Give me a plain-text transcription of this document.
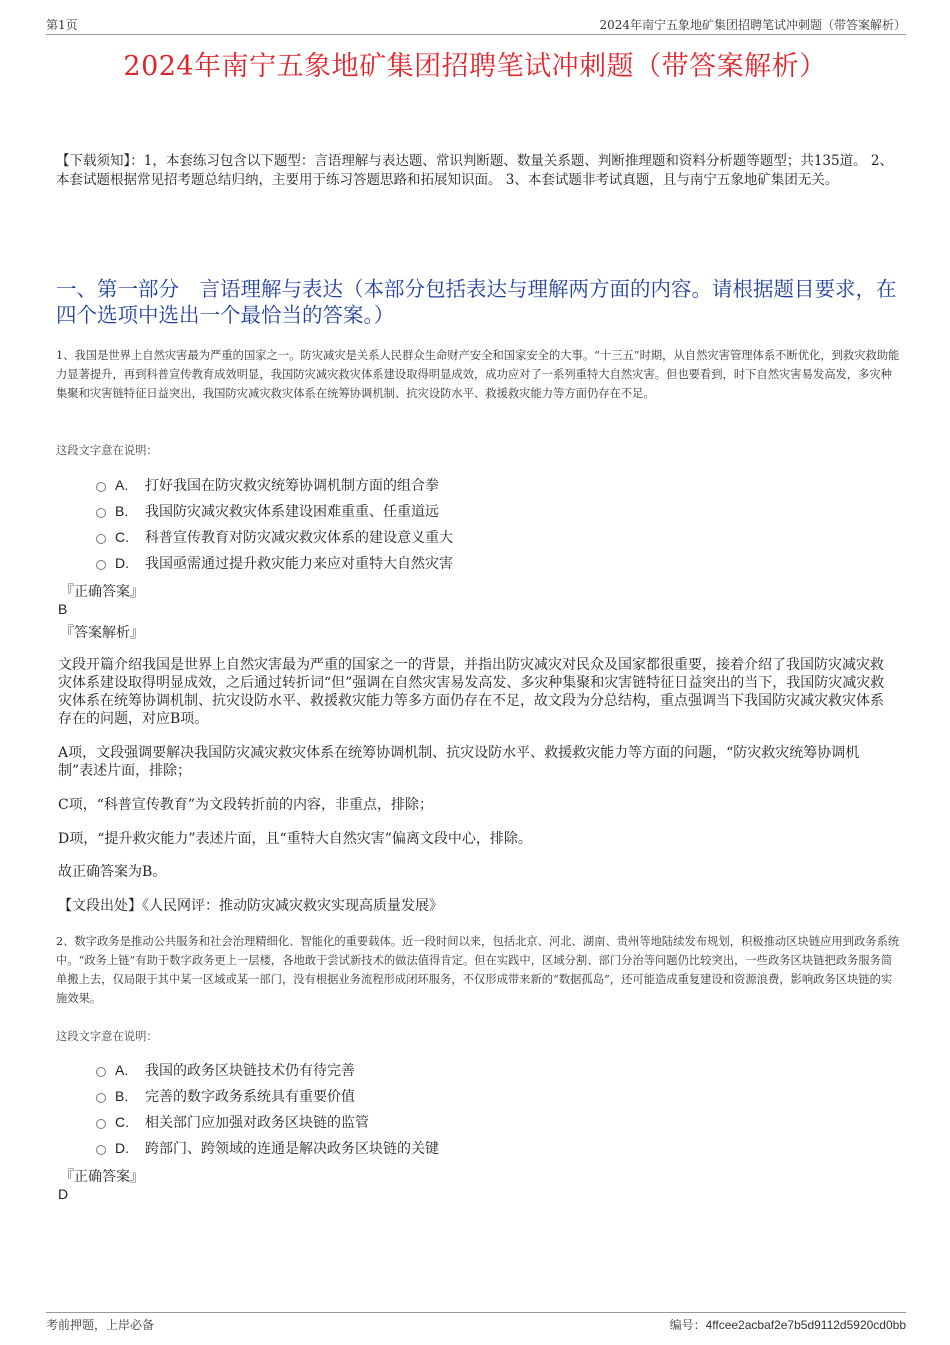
第1页	2024年南宁五象地矿集团招聘笔试冲刺题（带答案解析）
2024年南宁五象地矿集团招聘笔试冲刺题（带答案解析）
【下载须知】：1，本套练习包含以下题型：言语理解与表达题、常识判断题、数量关系题、判断推理题和资料分析题等题型；共135道。 2、本套试题根据常见招考题总结归纳，主要用于练习答题思路和拓展知识面。 3、本套试题非考试真题，且与南宁五象地矿集团无关。
一、第一部分　言语理解与表达（本部分包括表达与理解两方面的内容。请根据题目要求，在四个选项中选出一个最恰当的答案。）
1、我国是世界上自然灾害最为严重的国家之一。防灾减灾是关系人民群众生命财产安全和国家安全的大事。“十三五”时期，从自然灾害管理体系不断优化，到救灾救助能力显著提升，再到科普宣传教育成效明显，我国防灾减灾救灾体系建设取得明显成效，成功应对了一系列重特大自然灾害。但也要看到，时下自然灾害易发高发，多灾种集聚和灾害链特征日益突出，我国防灾减灾救灾体系在统筹协调机制、抗灾设防水平、救援救灾能力等方面仍存在不足。
这段文字意在说明：
A.	打好我国在防灾救灾统筹协调机制方面的组合拳
B.	我国防灾减灾救灾体系建设困难重重、任重道远
C.	科普宣传教育对防灾减灾救灾体系的建设意义重大
D.	我国亟需通过提升救灾能力来应对重特大自然灾害
『正确答案』
B
『答案解析』
文段开篇介绍我国是世界上自然灾害最为严重的国家之一的背景，并指出防灾减灾对民众及国家都很重要，接着介绍了我国防灾减灾救灾体系建设取得明显成效，之后通过转折词“但”强调在自然灾害易发高发、多灾种集聚和灾害链特征日益突出的当下，我国防灾减灾救灾体系在统筹协调机制、抗灾设防水平、救援救灾能力等多方面仍存在不足，故文段为分总结构，重点强调当下我国防灾减灾救灾体系存在的问题，对应B项。
A项，文段强调要解决我国防灾减灾救灾体系在统筹协调机制、抗灾设防水平、救援救灾能力等方面的问题，“防灾救灾统筹协调机制”表述片面，排除；
C项，“科普宣传教育”为文段转折前的内容，非重点，排除；
D项，“提升救灾能力”表述片面，且“重特大自然灾害”偏离文段中心，排除。
故正确答案为B。
【文段出处】《人民网评：推动防灾减灾救灾实现高质量发展》
2、数字政务是推动公共服务和社会治理精细化、智能化的重要载体。近一段时间以来，包括北京、河北、湖南、贵州等地陆续发布规划，积极推动区块链应用到政务系统中。“政务上链”有助于数字政务更上一层楼，各地敢于尝试新技术的做法值得肯定。但在实践中，区域分割、部门分治等问题仍比较突出，一些政务区块链把政务服务简单搬上去，仅局限于其中某一区域或某一部门，没有根据业务流程形成闭环服务，不仅形成带来新的“数据孤岛”，还可能造成重复建设和资源浪费，影响政务区块链的实施效果。
这段文字意在说明：
A.	我国的政务区块链技术仍有待完善
B.	完善的数字政务系统具有重要价值
C.	相关部门应加强对政务区块链的监管
D.	跨部门、跨领域的连通是解决政务区块链的关键
『正确答案』
D
考前押题，上岸必备	编号：4ffcee2acbaf2e7b5d9112d5920cd0bb
